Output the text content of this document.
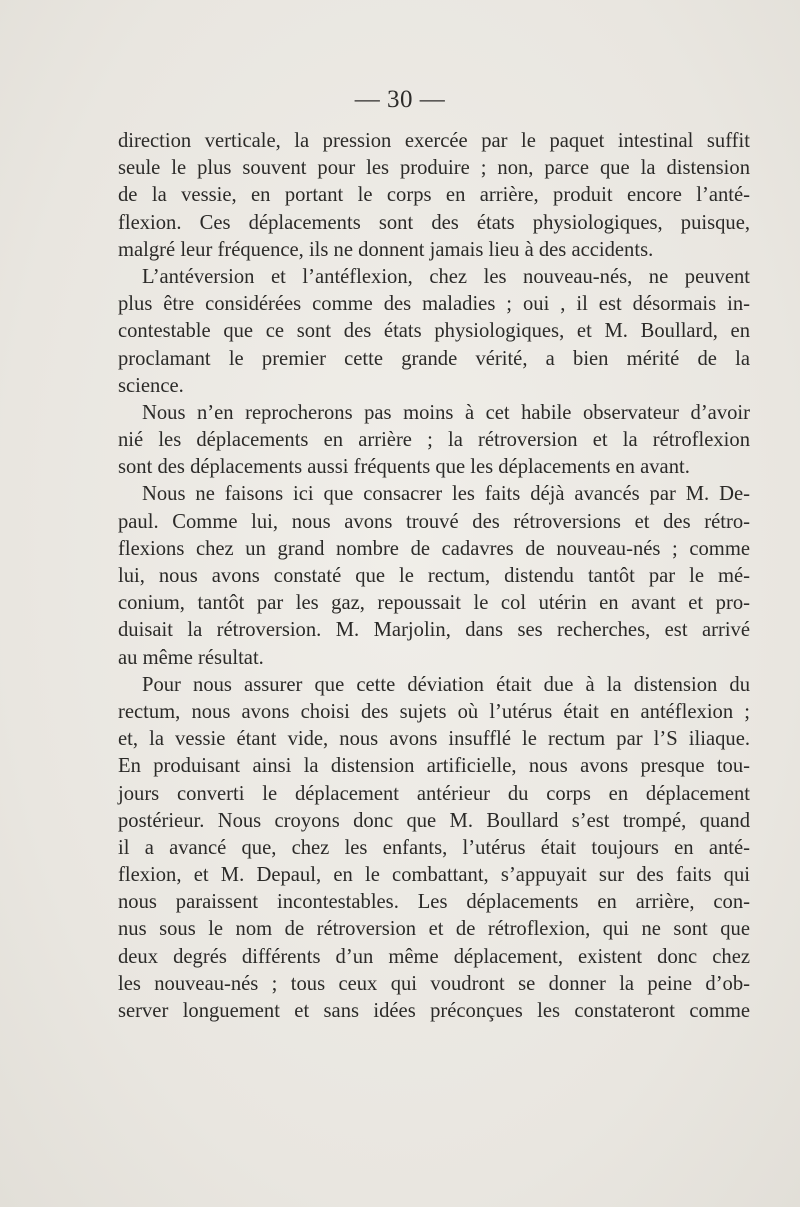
— 30 —
direction verticale, la pression exercée par le paquet intestinal suffit
seule le plus souvent pour les produire ; non, parce que la distension
de la vessie, en portant le corps en arrière, produit encore l’anté-
flexion. Ces déplacements sont des états physiologiques, puisque,
malgré leur fréquence, ils ne donnent jamais lieu à des accidents.
L’antéversion et l’antéflexion, chez les nouveau-nés, ne peuvent
plus être considérées comme des maladies ; oui , il est désormais in-
contestable que ce sont des états physiologiques, et M. Boullard, en
proclamant le premier cette grande vérité, a bien mérité de la
science.
Nous n’en reprocherons pas moins à cet habile observateur d’avoir
nié les déplacements en arrière ; la rétroversion et la rétroflexion
sont des déplacements aussi fréquents que les déplacements en avant.
Nous ne faisons ici que consacrer les faits déjà avancés par M. De-
paul. Comme lui, nous avons trouvé des rétroversions et des rétro-
flexions chez un grand nombre de cadavres de nouveau-nés ; comme
lui, nous avons constaté que le rectum, distendu tantôt par le mé-
conium, tantôt par les gaz, repoussait le col utérin en avant et pro-
duisait la rétroversion. M. Marjolin, dans ses recherches, est arrivé
au même résultat.
Pour nous assurer que cette déviation était due à la distension du
rectum, nous avons choisi des sujets où l’utérus était en antéflexion ;
et, la vessie étant vide, nous avons insufflé le rectum par l’S iliaque.
En produisant ainsi la distension artificielle, nous avons presque tou-
jours converti le déplacement antérieur du corps en déplacement
postérieur. Nous croyons donc que M. Boullard s’est trompé, quand
il a avancé que, chez les enfants, l’utérus était toujours en anté-
flexion, et M. Depaul, en le combattant, s’appuyait sur des faits qui
nous paraissent incontestables. Les déplacements en arrière, con-
nus sous le nom de rétroversion et de rétroflexion, qui ne sont que
deux degrés différents d’un même déplacement, existent donc chez
les nouveau-nés ; tous ceux qui voudront se donner la peine d’ob-
server longuement et sans idées préconçues les constateront comme
